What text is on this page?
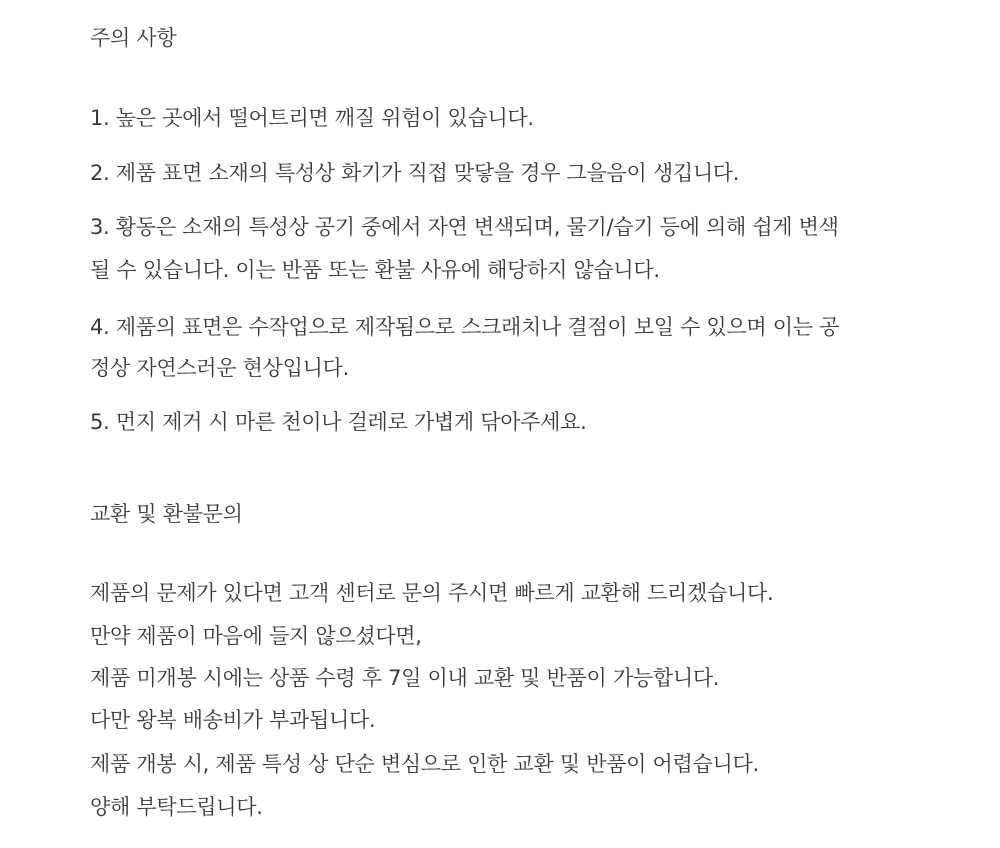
주의 사항
1. 높은 곳에서 떨어트리면 깨질 위험이 있습니다.
2. 제품 표면 소재의 특성상 화기가 직접 맞닿을 경우 그을음이 생깁니다.
3. 황동은 소재의 특성상 공기 중에서 자연 변색되며, 물기/습기 등에 의해 쉽게 변색
될 수 있습니다. 이는 반품 또는 환불 사유에 해당하지 않습니다.
4. 제품의 표면은 수작업으로 제작됨으로 스크래치나 결점이 보일 수 있으며 이는 공
정상 자연스러운 현상입니다.
5. 먼지 제거 시 마른 천이나 걸레로 가볍게 닦아주세요.
교환 및 환불문의
제품의 문제가 있다면 고객 센터로 문의 주시면 빠르게 교환해 드리겠습니다.
만약 제품이 마음에 들지 않으셨다면,
제품 미개봉 시에는 상품 수령 후 7일 이내 교환 및 반품이 가능합니다.
다만 왕복 배송비가 부과됩니다.
제품 개봉 시, 제품 특성 상 단순 변심으로 인한 교환 및 반품이 어렵습니다.
양해 부탁드립니다.
